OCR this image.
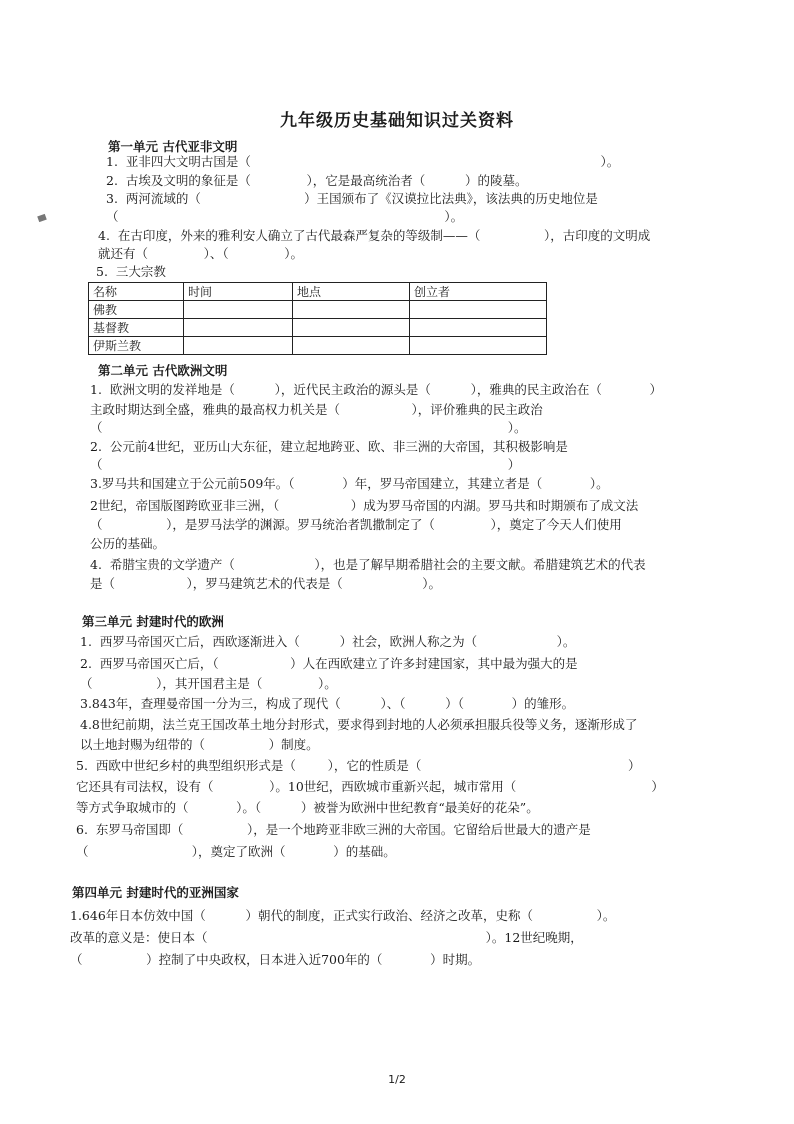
九年级历史基础知识过关资料
第一单元 古代亚非文明
1.  亚非四大文明古国是（                                                                                        ）。
2.  古埃及文明的象征是（              ），它是最高统治者（          ）的陵墓。
3.  两河流域的（                          ）王国颁布了《汉谟拉比法典》，该法典的历史地位是
（                                                                                  ）。
4.  在古印度，外来的雅利安人确立了古代最森严复杂的等级制——（                ），古印度的文明成
就还有（              ）、（              ）。
5.  三大宗教
名称	时间	地点	创立者
佛教			
基督教			
伊斯兰教			
第二单元 古代欧洲文明
1.  欧洲文明的发祥地是（          ），近代民主政治的源头是（          ），雅典的民主政治在（            ）
主政时期达到全盛，雅典的最高权力机关是（                  ），评价雅典的民主政治
（                                                                                                      ）。
2.  公元前4世纪，亚历山大东征，建立起地跨亚、欧、非三洲的大帝国，其积极影响是
（                                                                                                      ）
3.罗马共和国建立于公元前509年。（            ）年，罗马帝国建立，其建立者是（            ）。
2世纪，帝国版图跨欧亚非三洲，（                  ）成为罗马帝国的内湖。罗马共和时期颁布了成文法
（                ），是罗马法学的渊源。罗马统治者凯撒制定了（              ），奠定了今天人们使用
公历的基础。
4.  希腊宝贵的文学遗产（                    ），也是了解早期希腊社会的主要文献。希腊建筑艺术的代表
是（                  ），罗马建筑艺术的代表是（                    ）。
第三单元 封建时代的欧洲
1.  西罗马帝国灭亡后，西欧逐渐进入（          ）社会，欧洲人称之为（                    ）。
2.  西罗马帝国灭亡后，（                  ）人在西欧建立了许多封建国家，其中最为强大的是
（                ），其开国君主是（              ）。
3.843年，查理曼帝国一分为三，构成了现代（          ）、（          ）（            ）的雏形。
4.8世纪前期，法兰克王国改革土地分封形式，要求得到封地的人必须承担服兵役等义务，逐渐形成了
以土地封赐为纽带的（                ）制度。
5.  西欧中世纪乡村的典型组织形式是（        ），它的性质是（                                                    ）
它还具有司法权，设有（              ）。10世纪，西欧城市重新兴起，城市常用（                                  ）
等方式争取城市的（            ）。（          ）被誉为欧洲中世纪教育“最美好的花朵”。
6.  东罗马帝国即（                ），是一个地跨亚非欧三洲的大帝国。它留给后世最大的遗产是
（                          ），奠定了欧洲（            ）的基础。
第四单元 封建时代的亚洲国家
1.646年日本仿效中国（          ）朝代的制度，正式实行政治、经济之改革，史称（                ）。
改革的意义是：使日本（                                                                      ）。12世纪晚期，
（                ）控制了中央政权，日本进入近700年的（            ）时期。
1/2
